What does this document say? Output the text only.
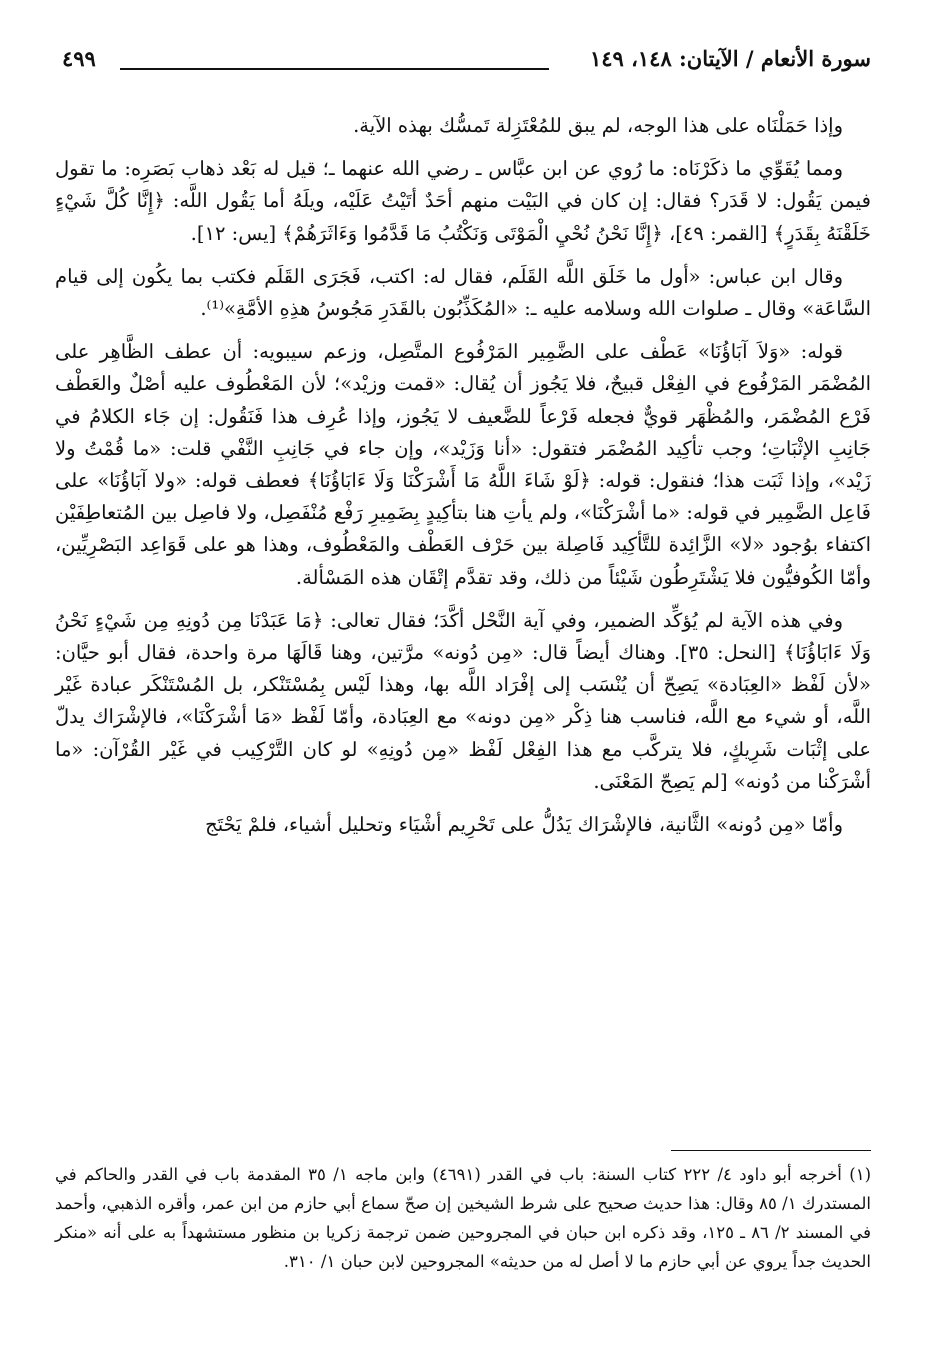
سورة الأنعام / الآيتان: ١٤٨، ١٤٩
٤٩٩

وإذا حَمَلْنَاه على هذا الوجه، لم يبق للمُعْتَزِلة تَمسُّك بهذه الآية.

ومما يُقَوِّي ما ذكَرْنَاه: ما رُوي عن ابن عبَّاس ـ رضي الله عنهما ـ؛ قيل له بَعْد ذهاب بَصَرِه: ما تقول فيمن يَقُول: لا قَدَر؟ فقال: إن كان في البَيْت منهم أحَدٌ أتَيْتُ عَلَيْه، ويلَهُ أما يَقُول اللَّه: ﴿إِنَّا كُلَّ شَيْءٍ خَلَقْنَهُ بِقَدَرٍ﴾ [القمر: ٤٩]، ﴿إِنَّا نَحْنُ نُحْيِ الْمَوْتَى وَنَكْتُبُ مَا قَدَّمُوا وَءَاثَرَهُمْ﴾ [يس: ١٢].

وقال ابن عباس: «أول ما خَلَق اللَّه القَلَم، فقال له: اكتب، فَجَرَى القَلَم فكتب بما يكُون إلى قيام السَّاعَة» وقال ـ صلوات الله وسلامه عليه ـ: «المُكَذِّبُون بالقَدَرِ مَجُوسُ هذِهِ الأمَّةِ»⁽¹⁾.

قوله: «وَلاَ آبَاؤُنَا» عَطْف على الضَّمِير المَرْفُوع المتَّصِل، وزعم سيبويه: أن عطف الظَّاهِر على المُضْمَر المَرْفُوع في الفِعْل قبيحٌ، فلا يَجُوز أن يُقال: «قمت وزيْد»؛ لأن المَعْطُوف عليه أصْلٌ والعَطْف فَرْع المُضْمَر، والمُظْهَر قويٌّ فجعله فَرْعاً للضَّعيف لا يَجُوز، وإذا عُرِف هذا فَنَقُول: إن جَاء الكلامُ في جَانِبِ الإثْبَاتِ؛ وجب تأكِيد المُضْمَر فتقول: «أنا وَزَيْد»، وإن جاء في جَانِبِ النَّفْي قلت: «ما قُمْتُ ولا زَيْد»، وإذا ثَبَت هذا؛ فنقول: قوله: ﴿لَوْ شَاءَ اللَّهُ مَا أَشْرَكْنَا وَلَا ءَابَاؤُنَا﴾ فعطف قوله: «ولا آبَاؤُنَا» على فَاعِل الضَّمِير في قوله: «ما أشْرَكْنَا»، ولم يأتِ هنا بتأكِيدٍ بِضَمِيرِ رَفْع مُنْفَصِل، ولا فاصِل بين المُتعاطِفَيْن اكتفاء بوُجود «لا» الزَّائِدة للتَّأكِيد فَاصِلة بين حَرْف العَطْف والمَعْطُوف، وهذا هو على قَوَاعِد البَصْرِيِّين، وأمّا الكُوفيُّون فلا يَشْتَرِطُون شَيْئاً من ذلك، وقد تقدَّم إتْقَان هذه المَسْألة.

وفي هذه الآية لم يُؤكِّد الضمير، وفي آية النَّحْل أكَّدَ؛ فقال تعالى: ﴿مَا عَبَدْنَا مِن دُونِهِ مِن شَيْءٍ نَحْنُ وَلَا ءَابَاؤُنَا﴾ [النحل: ٣٥]. وهناك أيضاً قال: «مِن دُونه» مرَّتين، وهنا قَالَهَا مرة واحدة، فقال أبو حيَّان: «لأن لَفْظ «العِبَادة» يَصِحّ أن يُنْسَب إلى إفْرَاد اللَّه بها، وهذا لَيْس بِمُسْتَنْكر، بل المُسْتَنْكَر عبادة غَيْر اللَّه، أو شيء مع اللَّه، فناسب هنا ذِكْر «مِن دونه» مع العِبَادة، وأمّا لَفْظ «مَا أشْرَكْنَا»، فالإشْرَاك يدلّ على إثْبَات شَرِيكٍ، فلا يتركَّب مع هذا الفِعْل لَفْظ «مِن دُونِهِ» لو كان التَّرْكِيب في غَيْر القُرْآن: «ما أشْرَكْنا من دُونه» [لم يَصِحّ المَعْنَى.

وأمّا «مِن دُونه» الثَّانية، فالإشْرَاك يَدُلُّ على تَحْرِيم أشْيَاء وتحليل أشياء، فلمْ يَحْتَج

(١) أخرجه أبو داود ٤/ ٢٢٢ كتاب السنة: باب في القدر (٤٦٩١) وابن ماجه ١/ ٣٥ المقدمة باب في القدر والحاكم في المستدرك ١/ ٨٥ وقال: هذا حديث صحيح على شرط الشيخين إن صحّ سماع أبي حازم من ابن عمر، وأقره الذهبي، وأحمد في المسند ٢/ ٨٦ ـ ١٢٥، وقد ذكره ابن حبان في المجروحين ضمن ترجمة زكريا بن منظور مستشهداً به على أنه «منكر الحديث جداً يروي عن أبي حازم ما لا أصل له من حديثه» المجروحين لابن حبان ١/ ٣١٠.
